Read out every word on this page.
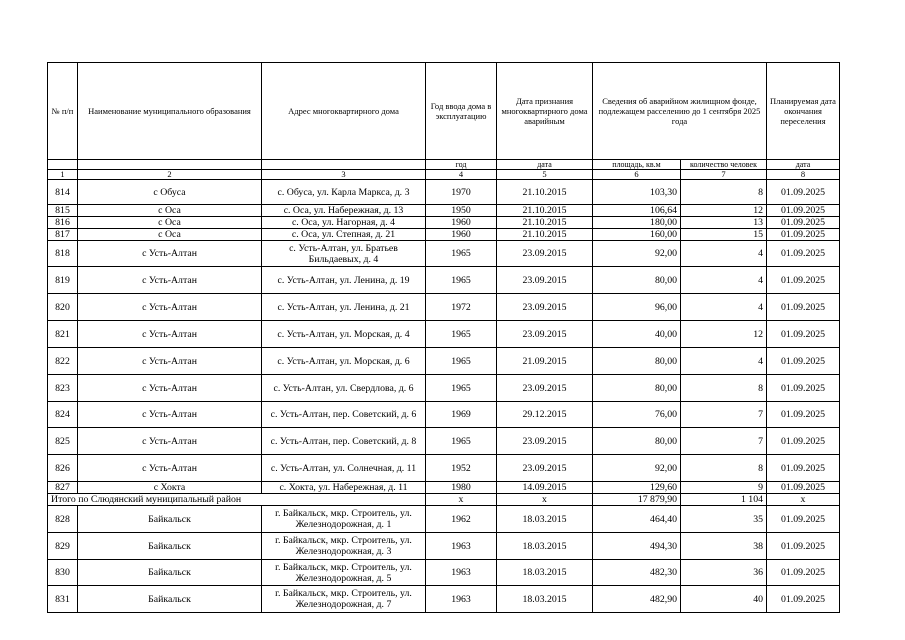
№ п/п	Наименование муниципального образования	Адрес многоквартирного дома	Год ввода дома в эксплуатацию	Дата признания многоквартирного дома аварийным	Сведения об аварийном жилищном фонде, подлежащем расселению до 1 сентября 2025 года		Планируемая дата окончания переселения
			год	дата	площадь, кв.м	количество человек	дата
1	2	3	4	5	6	7	8
814	с Обуса	с. Обуса, ул. Карла Маркса, д. 3	1970	21.10.2015	103,30	8	01.09.2025
815	с Оса	с. Оса, ул. Набережная, д. 13	1950	21.10.2015	106,64	12	01.09.2025
816	с Оса	с. Оса, ул. Нагорная, д. 4	1960	21.10.2015	180,00	13	01.09.2025
817	с Оса	с. Оса, ул. Степная, д. 21	1960	21.10.2015	160,00	15	01.09.2025
818	с Усть-Алтан	с. Усть-Алтан, ул. Братьев Бильдаевых, д. 4	1965	23.09.2015	92,00	4	01.09.2025
819	с Усть-Алтан	с. Усть-Алтан, ул. Ленина, д. 19	1965	23.09.2015	80,00	4	01.09.2025
820	с Усть-Алтан	с. Усть-Алтан, ул. Ленина, д. 21	1972	23.09.2015	96,00	4	01.09.2025
821	с Усть-Алтан	с. Усть-Алтан, ул. Морская, д. 4	1965	23.09.2015	40,00	12	01.09.2025
822	с Усть-Алтан	с. Усть-Алтан, ул. Морская, д. 6	1965	21.09.2015	80,00	4	01.09.2025
823	с Усть-Алтан	с. Усть-Алтан, ул. Свердлова, д. 6	1965	23.09.2015	80,00	8	01.09.2025
824	с Усть-Алтан	с. Усть-Алтан, пер. Советский, д. 6	1969	29.12.2015	76,00	7	01.09.2025
825	с Усть-Алтан	с. Усть-Алтан, пер. Советский, д. 8	1965	23.09.2015	80,00	7	01.09.2025
826	с Усть-Алтан	с. Усть-Алтан, ул. Солнечная, д. 11	1952	23.09.2015	92,00	8	01.09.2025
827	с Хокта	с. Хокта, ул. Набережная, д. 11	1980	14.09.2015	129,60	9	01.09.2025
Итого по Слюдянский муниципальный район			x	x	17 879,90	1 104	x
828	Байкальск	г. Байкальск, мкр. Строитель, ул. Железнодорожная, д. 1	1962	18.03.2015	464,40	35	01.09.2025
829	Байкальск	г. Байкальск, мкр. Строитель, ул. Железнодорожная, д. 3	1963	18.03.2015	494,30	38	01.09.2025
830	Байкальск	г. Байкальск, мкр. Строитель, ул. Железнодорожная, д. 5	1963	18.03.2015	482,30	36	01.09.2025
831	Байкальск	г. Байкальск, мкр. Строитель, ул. Железнодорожная, д. 7	1963	18.03.2015	482,90	40	01.09.2025
